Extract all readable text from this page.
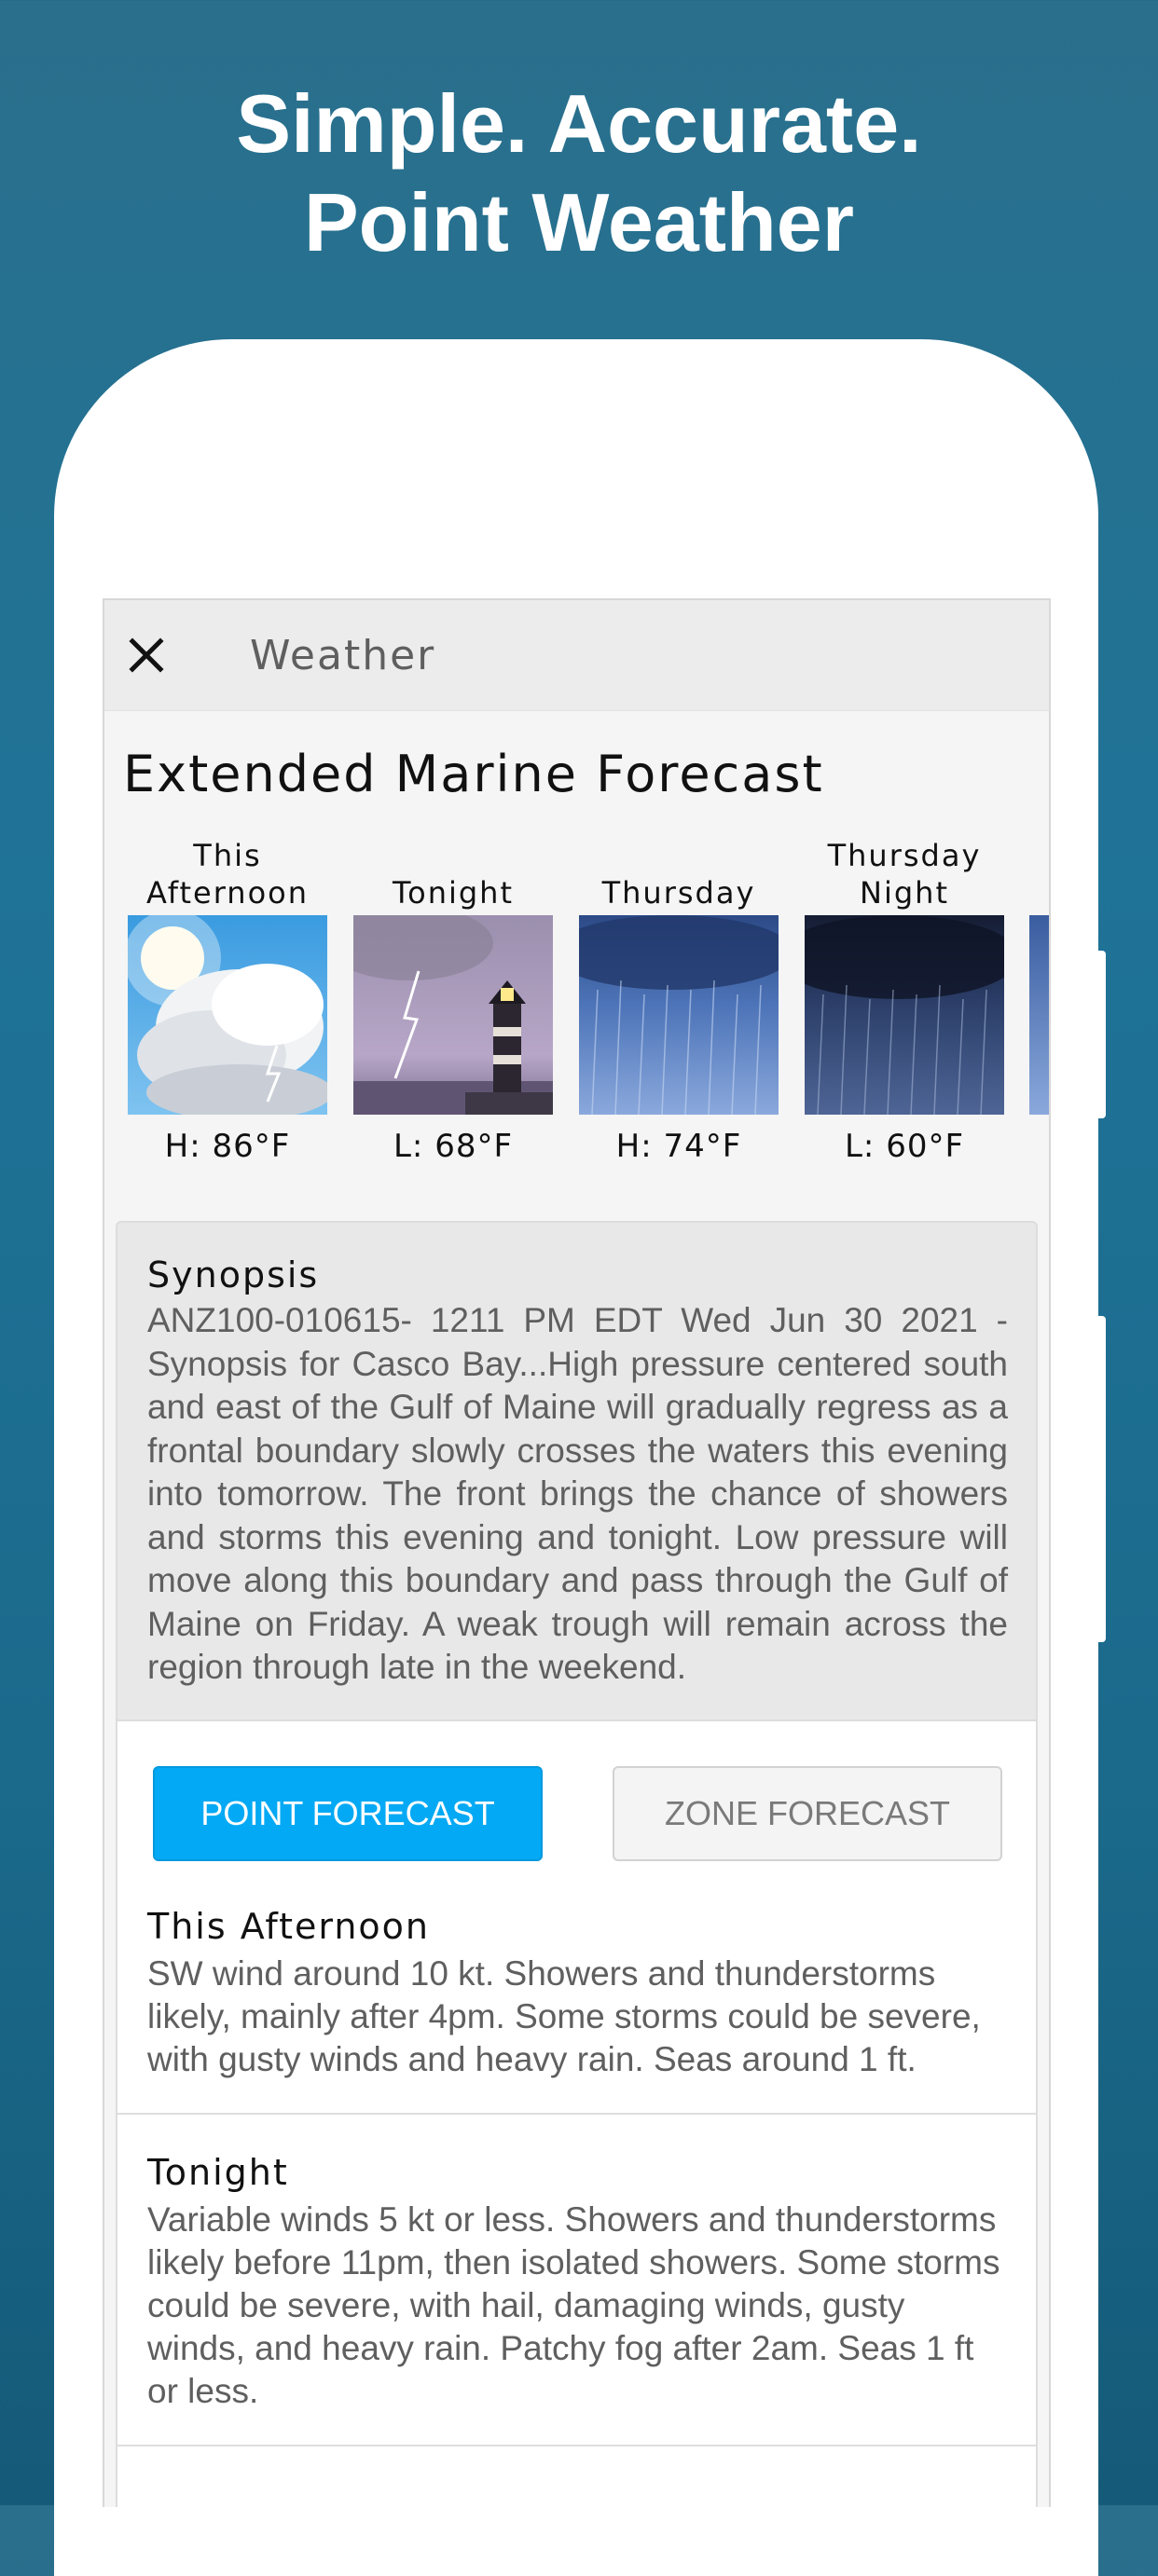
Simple. Accurate.
Point Weather
Weather
Extended Marine Forecast
This Afternoon
H: 86°F
Tonight
L: 68°F
Thursday
H: 74°F
Thursday Night
L: 60°F
Synopsis
ANZ100-010615- 1211 PM EDT Wed Jun 30 2021 - Synopsis for Casco Bay...High pressure centered south and east of the Gulf of Maine will gradually regress as a frontal boundary slowly crosses the waters this evening into tomorrow. The front brings the chance of showers and storms this evening and tonight. Low pressure will move along this boundary and pass through the Gulf of Maine on Friday. A weak trough will remain across the region through late in the weekend.
POINT FORECAST	ZONE FORECAST
This Afternoon
SW wind around 10 kt. Showers and thunderstorms likely, mainly after 4pm. Some storms could be severe, with gusty winds and heavy rain. Seas around 1 ft.
Tonight
Variable winds 5 kt or less. Showers and thunderstorms likely before 11pm, then isolated showers. Some storms could be severe, with hail, damaging winds, gusty winds, and heavy rain. Patchy fog after 2am. Seas 1 ft or less.
